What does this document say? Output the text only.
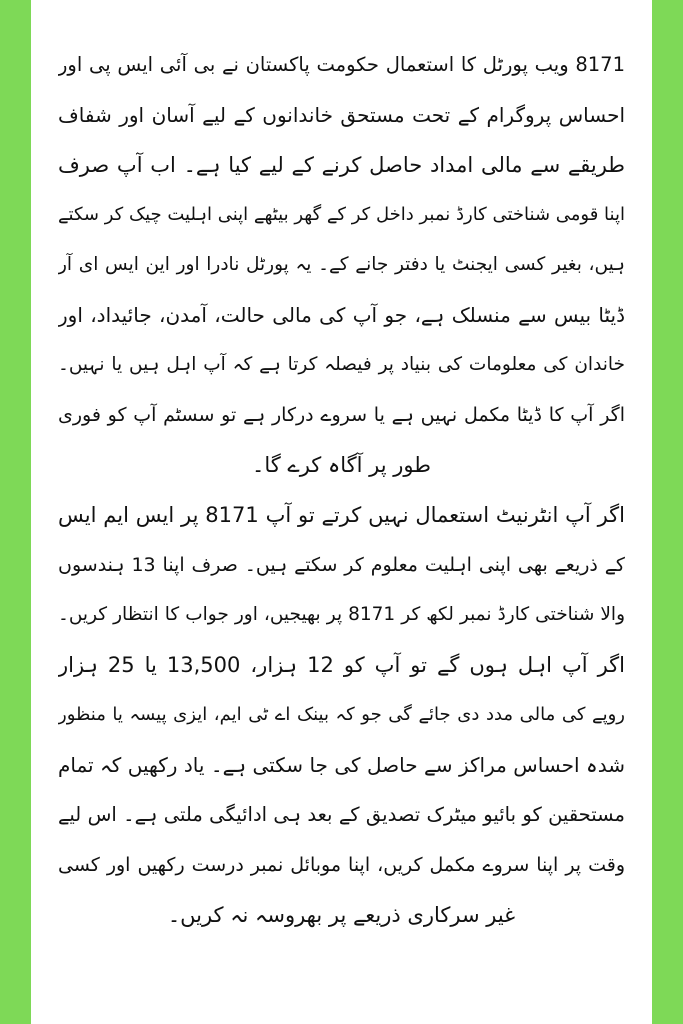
8171 ویب پورٹل کا استعمال حکومت پاکستان نے بی آئی ایس پی اور
احساس پروگرام کے تحت مستحق خاندانوں کے لیے آسان اور شفاف
طریقے سے مالی امداد حاصل کرنے کے لیے کیا ہے۔ اب آپ صرف
اپنا قومی شناختی کارڈ نمبر داخل کر کے گھر بیٹھے اپنی اہلیت چیک کر سکتے
ہیں، بغیر کسی ایجنٹ یا دفتر جانے کے۔ یہ پورٹل نادرا اور این ایس ای آر
ڈیٹا بیس سے منسلک ہے، جو آپ کی مالی حالت، آمدن، جائیداد، اور
خاندان کی معلومات کی بنیاد پر فیصلہ کرتا ہے کہ آپ اہل ہیں یا نہیں۔
اگر آپ کا ڈیٹا مکمل نہیں ہے یا سروے درکار ہے تو سسٹم آپ کو فوری
طور پر آگاہ کرے گا۔
اگر آپ انٹرنیٹ استعمال نہیں کرتے تو آپ 8171 پر ایس ایم ایس
کے ذریعے بھی اپنی اہلیت معلوم کر سکتے ہیں۔ صرف اپنا 13 ہندسوں
والا شناختی کارڈ نمبر لکھ کر 8171 پر بھیجیں، اور جواب کا انتظار کریں۔
اگر آپ اہل ہوں گے تو آپ کو 12 ہزار، 13,500 یا 25 ہزار
روپے کی مالی مدد دی جائے گی جو کہ بینک اے ٹی ایم، ایزی پیسہ یا منظور
شدہ احساس مراکز سے حاصل کی جا سکتی ہے۔ یاد رکھیں کہ تمام
مستحقین کو بائیو میٹرک تصدیق کے بعد ہی ادائیگی ملتی ہے۔ اس لیے
وقت پر اپنا سروے مکمل کریں، اپنا موبائل نمبر درست رکھیں اور کسی
غیر سرکاری ذریعے پر بھروسہ نہ کریں۔
